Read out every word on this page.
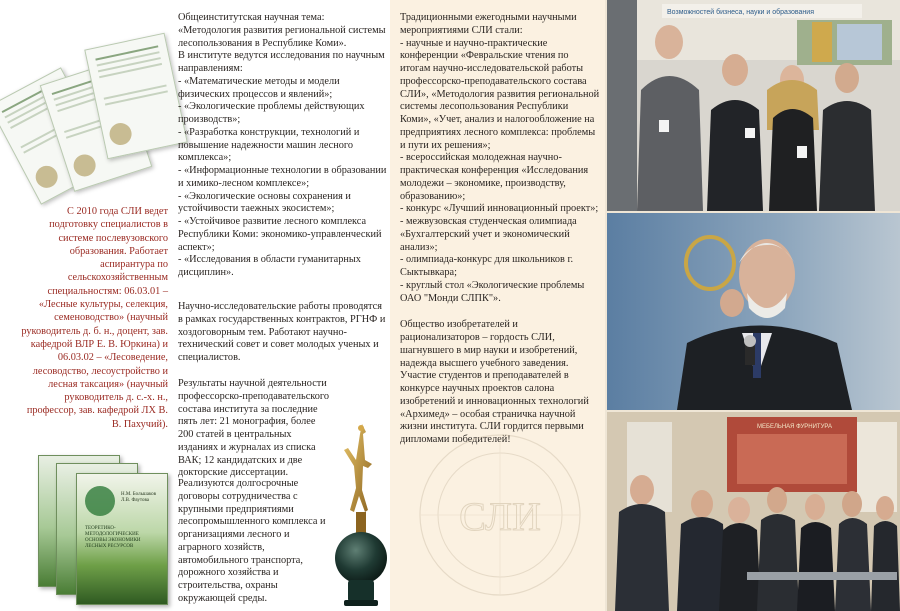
С 2010 года СЛИ ведет подготовку специалистов в системе послевузовского образования. Работает аспирантура по сельскохозяйственным специальностям: 06.03.01 – «Лесные культуры, селекция, семеноводство» (научный руководитель д. б. н., доцент, зав. кафедрой ВЛР Е. В. Юркина) и 06.03.02 – «Лесоведение, лесоводство, лесоустройство и лесная таксация» (научный руководитель д. с.-х. н., профессор, зав. кафедрой ЛХ В. В. Пахучий).
Н.М. Большаков
Л.В. Фаутова
ТЕОРЕТИКО-МЕТОДОЛОГИЧЕСКИЕ ОСНОВЫ ЭКОНОМИКИ ЛЕСНЫХ РЕСУРСОВ

Общеинститутская научная тема: «Методология развития региональной системы лесопользования в Республике Коми».

В институте ведутся исследования по научным направлениям:

- «Математические методы и модели физических процессов и явлений»;

- «Экологические проблемы действующих производств»;

- «Разработка конструкции, технологий и повышение надежности машин лесного комплекса»;

- «Информационные технологии в образовании и химико-лесном комплексе»;

- «Экологические основы сохранения и устойчивости таежных экосистем»;

- «Устойчивое развитие лесного комплекса Республики Коми: экономико-управленческий аспект»;

- «Исследования в области гуманитарных дисциплин».

Научно-исследовательские работы проводятся в рамках государственных контрактов, РГНФ и хоздоговорным тем. Работают научно-технический совет и совет молодых ученых и специалистов.
Результаты научной деятельности профессорско-преподавательского состава института за последние пять лет: 21 монография, более 200 статей в центральных изданиях и журналах из списка ВАК; 12 кандидатских и две докторские диссертации.
Реализуются долгосрочные договоры сотрудничества с крупными предприятиями лесопромышленного комплекса и организациями лесного и аграрного хозяйств, автомобильного транспорта, дорожного хозяйства и строительства, охраны окружающей среды.

Традиционными ежегодными научными мероприятиями СЛИ стали:

- научные и научно-практические конференции «Февральские чтения по итогам научно-исследовательской работы профессорско-преподавательского состава СЛИ», «Методология развития региональной системы лесопользования Республики Коми», «Учет, анализ и налогообложение на предприятиях лесного комплекса: проблемы и пути их решения»;

- всероссийская молодежная научно-практическая конференция «Исследования молодежи – экономике, производству, образованию»;

- конкурс «Лучший инновационный проект»;

- межвузовская студенческая олимпиада «Бухгалтерский учет и экономический анализ»;

- олимпиада-конкурс для школьников г. Сыктывкара;

- круглый стол «Экологические проблемы ОАО "Монди СЛПК"».

Общество изобретателей и рационализаторов – гордость СЛИ, шагнувшего в мир науки и изобретений, надежда высшего учебного заведения. Участие студентов и преподавателей в конкурсе научных проектов салона изобретений и инновационных технологий «Архимед» – особая страничка научной жизни института. СЛИ гордится первыми дипломами победителей!

СЛИ
Возможностей бизнеса, науки и образования
МЕБЕЛЬНАЯ ФУРНИТУРА
